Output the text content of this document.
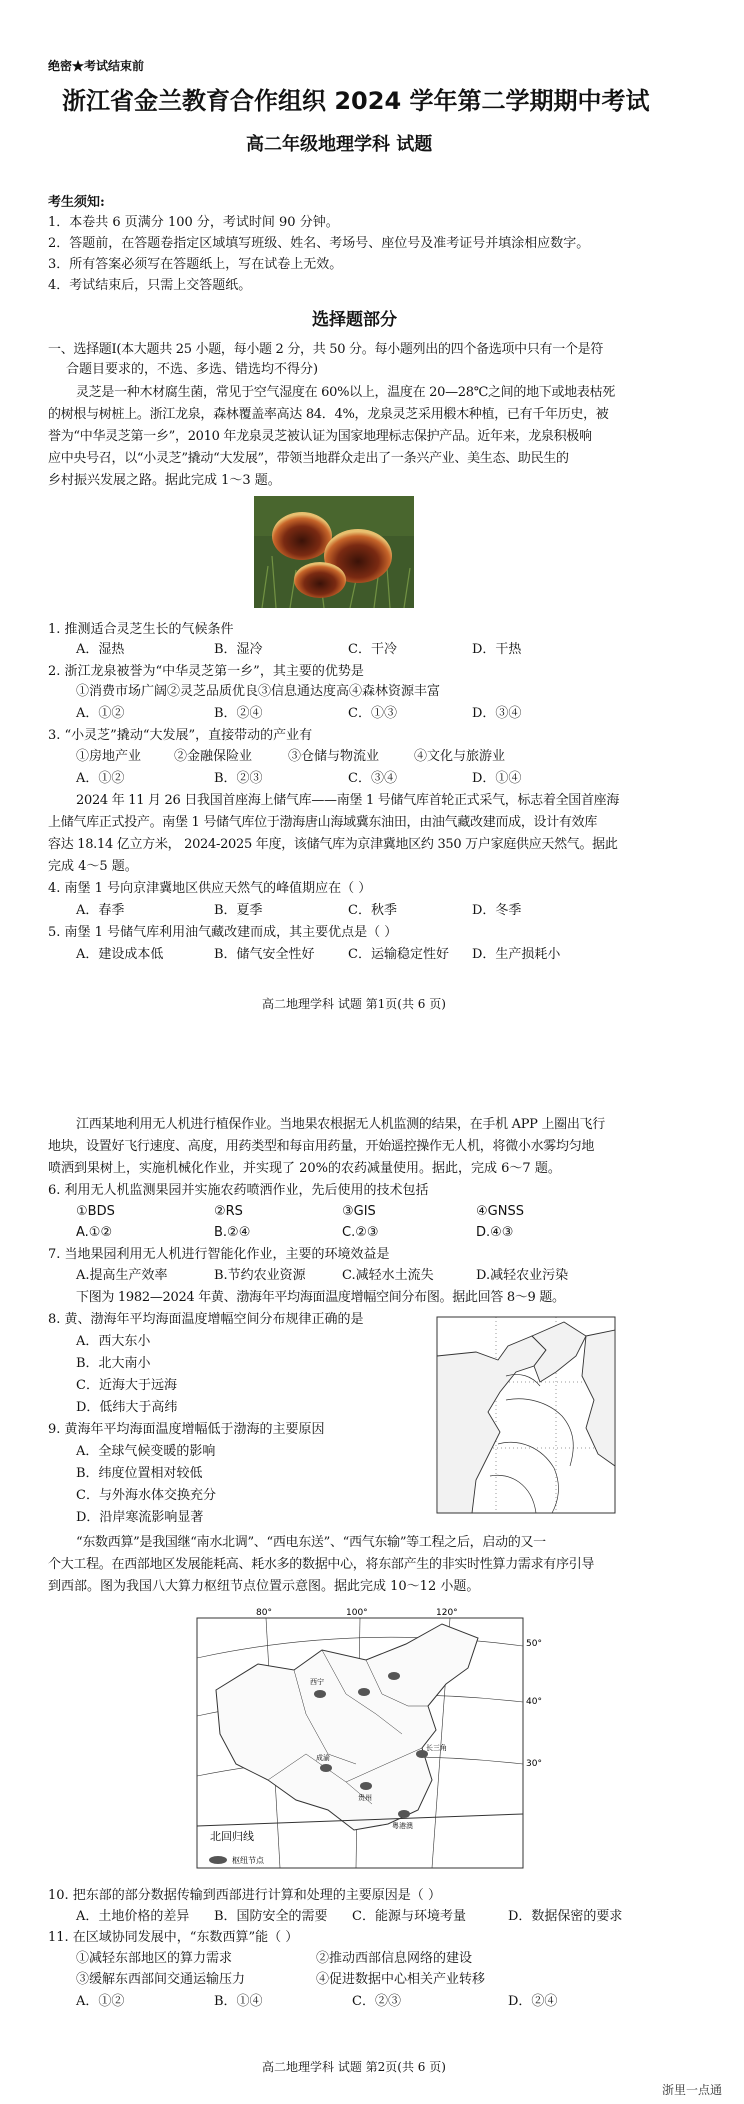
绝密★考试结束前
浙江省金兰教育合作组织 2024 学年第二学期期中考试
高二年级地理学科 试题
考生须知:
1．本卷共 6 页满分 100 分，考试时间 90 分钟。
2．答题前，在答题卷指定区域填写班级、姓名、考场号、座位号及准考证号并填涂相应数字。
3．所有答案必须写在答题纸上，写在试卷上无效。
4．考试结束后，只需上交答题纸。
选择题部分
一、选择题Ⅰ(本大题共 25 小题，每小题 2 分，共 50 分。每小题列出的四个备选项中只有一个是符
合题目要求的，不选、多选、错选均不得分)
灵芝是一种木材腐生菌，常见于空气湿度在 60%以上，温度在 20—28℃之间的地下或地表枯死
的树根与树桩上。浙江龙泉，森林覆盖率高达 84．4%，龙泉灵芝采用椴木种植，已有千年历史，被
誉为“中华灵芝第一乡”，2010 年龙泉灵芝被认证为国家地理标志保护产品。近年来，龙泉积极响
应中央号召，以“小灵芝”撬动“大发展”，带领当地群众走出了一条兴产业、美生态、助民生的
乡村振兴发展之路。据此完成 1～3 题。
1. 推测适合灵芝生长的气候条件
A．湿热	B．湿冷	C．干冷	D．干热
2. 浙江龙泉被誉为“中华灵芝第一乡”，其主要的优势是
①消费市场广阔②灵芝品质优良③信息通达度高④森林资源丰富
A．①②	B．②④	C．①③	D．③④
3. “小灵芝”撬动“大发展”，直接带动的产业有
①房地产业	②金融保险业	③仓储与物流业	④文化与旅游业
A．①②	B．②③	C．③④	D．①④
2024 年 11 月 26 日我国首座海上储气库——南堡 1 号储气库首轮正式采气，标志着全国首座海
上储气库正式投产。南堡 1 号储气库位于渤海唐山海域冀东油田，由油气藏改建而成，设计有效库
容达 18.14 亿立方米， 2024-2025 年度，该储气库为京津冀地区约 350 万户家庭供应天然气。据此
完成 4～5 题。
4. 南堡 1 号向京津冀地区供应天然气的峰值期应在（ ）
A．春季	B．夏季	C．秋季	D．冬季
5. 南堡 1 号储气库利用油气藏改建而成，其主要优点是（ ）
A．建设成本低	B．储气安全性好	C．运输稳定性好 D．生产损耗小
高二地理学科 试题 第1页(共 6 页)
江西某地利用无人机进行植保作业。当地果农根据无人机监测的结果，在手机 APP 上圈出飞行
地块，设置好飞行速度、高度，用药类型和每亩用药量，开始遥控操作无人机，将微小水雾均匀地
喷洒到果树上，实施机械化作业，并实现了 20%的农药减量使用。据此，完成 6～7 题。
6. 利用无人机监测果园并实施农药喷洒作业，先后使用的技术包括
①BDS	②RS	③GIS	④GNSS
A.①②	B.②④	C.②③	D.④③
7. 当地果园利用无人机进行智能化作业，主要的环境效益是
A.提高生产效率	B.节约农业资源	C.减轻水土流失	D.减轻农业污染
下图为 1982—2024 年黄、渤海年平均海面温度增幅空间分布图。据此回答 8～9 题。
8. 黄、渤海年平均海面温度增幅空间分布规律正确的是
A．西大东小
B．北大南小
C．近海大于远海
D．低纬大于高纬
9. 黄海年平均海面温度增幅低于渤海的主要原因
A．全球气候变暖的影响
B．纬度位置相对较低
C．与外海水体交换充分
D．沿岸寒流影响显著
“东数西算”是我国继“南水北调”、“西电东送”、“西气东输”等工程之后，启动的又一
个大工程。在西部地区发展能耗高、耗水多的数据中心，将东部产生的非实时性算力需求有序引导
到西部。图为我国八大算力枢纽节点位置示意图。据此完成 10～12 小题。
80°	100°	120°
50°
40°
30°
西宁
成渝
贵州
长三角
粤港澳
北回归线
枢纽节点
10. 把东部的部分数据传输到西部进行计算和处理的主要原因是（ ）
A．土地价格的差异 B．国防安全的需要 C．能源与环境考量	D．数据保密的要求
11. 在区域协同发展中，“东数西算”能（ ）
①减轻东部地区的算力需求	②推动西部信息网络的建设
③缓解东西部间交通运输压力	④促进数据中心相关产业转移
A．①②	B．①④	C．②③	D．②④
高二地理学科 试题 第2页(共 6 页)
浙里一点通
